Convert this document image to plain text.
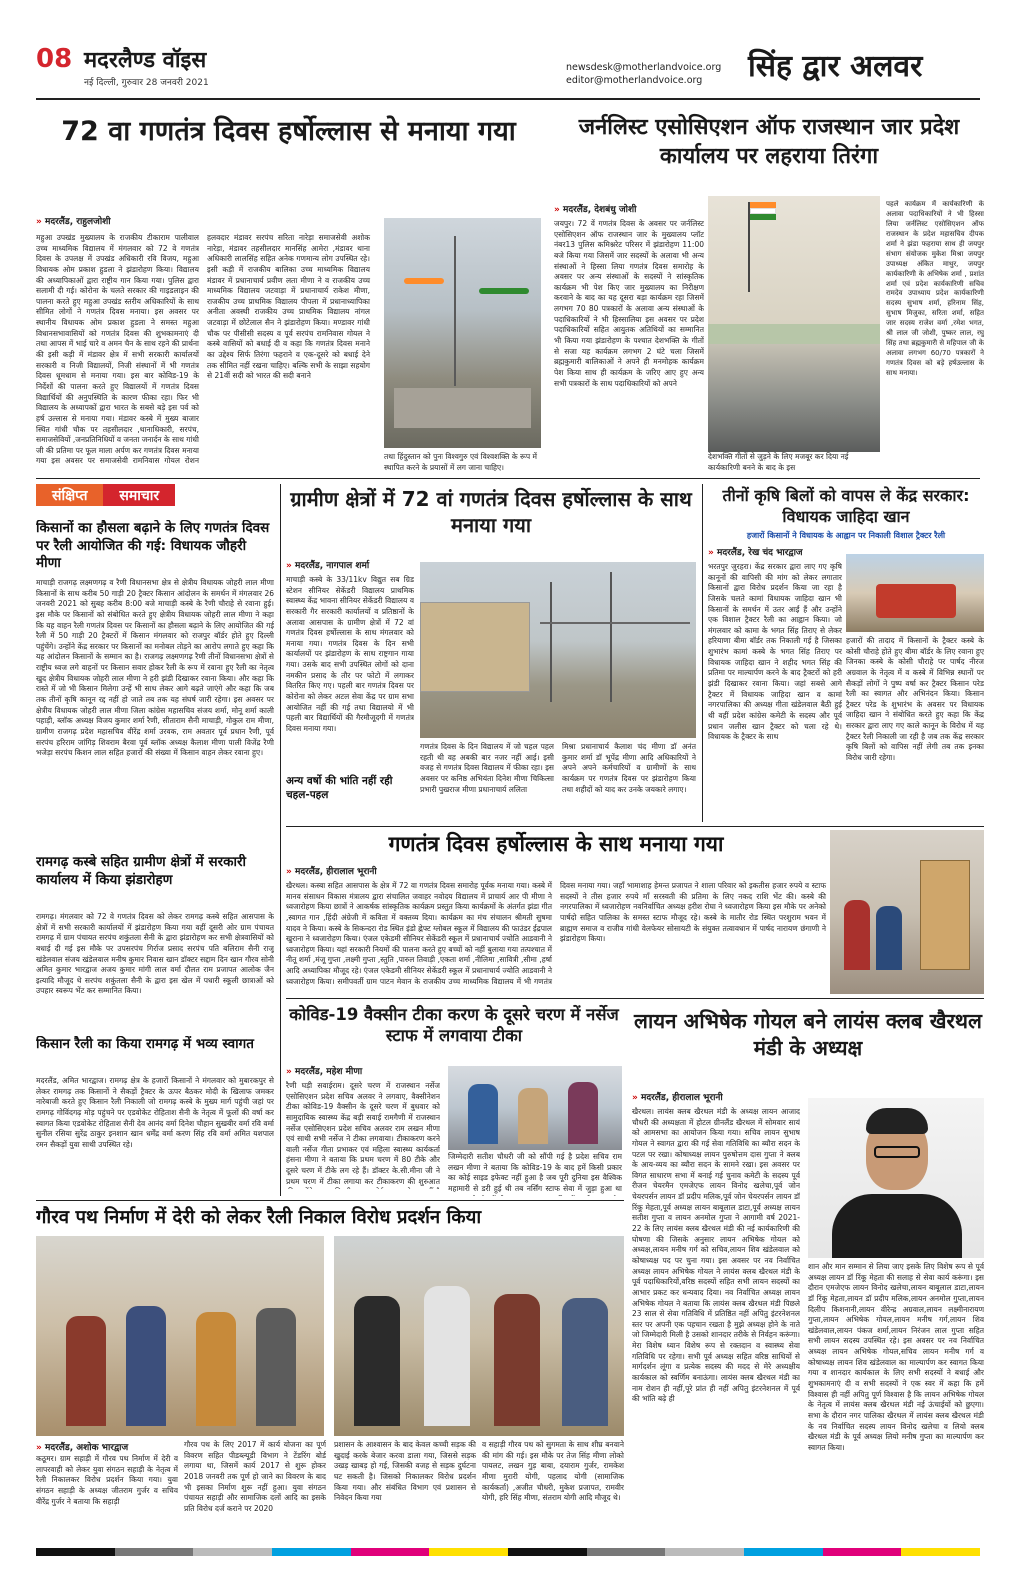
08 मदरलैण्ड वॉइस
नई दिल्ली, गुरुवार 28 जनवरी 2021
newsdesk@motherlandvoice.org
editor@motherlandvoice.org सिंह द्वार अलवर
72 वा गणतंत्र दिवस हर्षोल्लास से मनाया गया
» मदरलैंड, राहुलजोशी
महुआ उपखंड मुख्यालय के राजकीय टीकाराम पालीवाल उच्च माध्यमिक विद्यालय में मंगलवार को 72 वे गणतंत्र दिवस के उपलक्ष में उपखंड अधिकारी रवि विजय, महुआ विधायक ओम प्रकाश हुडला ने झंडारोहण किया। विद्यालय की अध्यापिकाओं द्वारा राष्ट्रीय गान किया गया। पुलिस द्वारा सलामी दी गई। कोरोना के चलते सरकार की गाइडलाइन की पालना करते हुए महुआ उपखंड स्तरीय अधिकारियों के साथ सीमित लोगों ने गणतंत्र दिवस मनाया। इस अवसर पर स्थानीय विधायक ओम प्रकाश हुडला ने समस्त महुआ विधानसभावासियों को गणतंत्र दिवस की शुभकामनाएं दी तथा आपस में भाई चारे व अमन चैन के साथ रहने की प्रार्थना की इसी कड़ी में मंडावर क्षेत्र में सभी सरकारी कार्यालयों सरकारी व निजी विद्यालयों, निजी संस्थानों में भी गणतंत्र दिवस धूमधाम से मनाया गया। इस बार कोविड-19 के निर्देशों की पालना करते हुए विद्यालयों में गणतंत्र दिवस विद्यार्थियों की अनुपस्थिति के कारण फीका रहा। फिर भी विद्यालय के अध्यापकों द्वारा भारत के सबसे बड़े इस पर्व को हर्ष उल्लास से मनाया गया। मंडावर कस्बे में मुख्य बाजार स्थित गांधी चौक पर तहसीलदार ,थानाधिकारी, सरपंच, समाजसेवियों ,जनप्रतिनिधियों व जनता जनार्दन के साथ गांधी जी की प्रतिमा पर फूल माला अर्पण कर गणतंत्र दिवस मनाया गया इस अवसर पर समाजसेवी रामनिवास गोयल रोशन हलवदार मंडावर सरपंच सरिता नारेड़ा समाजसेवी अशोक नारेड़ा, मंडावर तहसीलदार मानसिंह आमेरा ,मंडावर थाना अधिकारी लालसिंह सहित अनेक गणमान्य लोग उपस्थित रहे। इसी कड़ी में राजकीय बालिका उच्च माध्यमिक विद्यालय मंडावर में प्रधानाचार्य प्रवीण लता मीणा ने व राजकीय उच्च माध्यमिक विद्यालय जटवाड़ा में प्रधानाचार्य राकेश मीणा, राजकीय उच्च प्राथमिक विद्यालय पीपला में प्रधानाध्यापिका अनीता अवस्थी राजकीय उच्च प्राथमिक विद्यालय नांगल जटवाड़ा में छोटेलाल सैन ने झंडारोहण किया। मण्डावर गांधी चौक पर पीसीसी सदस्य व पूर्व सरपंच रामनिवास गोयल ने कस्बे वासियों को बधाई दी व कहा कि गणतंत्र दिवस मनाने का उद्देश्य सिर्फ तिरंगा फहराने व एक-दूसरे को बधाई देने तक सीमित नहीं रखना चाहिए। बल्कि सभी के साझा सहयोग से 21वीं सदी को भारत की सदी बनाने
तथा हिंदुस्तान को पुनः विश्वगुरु एवं विश्वशक्ति के रूप में स्थापित करने के प्रयासों में लग जाना चाहिए।
जर्नलिस्ट एसोसिएशन ऑफ राजस्थान जार प्रदेश कार्यालय पर लहराया तिरंगा
» मदरलैंड, देशबंधु जोशी
जयपुर। 72 वें गणतंत्र दिवस के अवसर पर जर्नलिस्ट एसोसिएशन ऑफ राजस्थान जार के मुख्यालय प्लॉट नंबर13 पुलिस कमिश्नरेट परिसर में झंडारोहण 11:00 बजे किया गया जिसमें जार सदस्यों के अलावा भी अन्य संस्थाओं ने हिस्सा लिया गणतंत्र दिवस समारोह के अवसर पर अन्य संस्थाओं के सदस्यों ने सांस्कृतिक कार्यक्रम भी पेश किए जार मुख्यालय का निरीक्षण करवाने के बाद का यह दूसरा बड़ा कार्यक्रम रहा जिसमें लगभग 70 80 पत्रकारों के अलावा अन्य संस्थाओं के पदाधिकारियों ने भी हिस्सालिया इस अवसर पर प्रदेश पदाधिकारियों सहित आयुतक अतिथियों का सम्मानित भी किया गया झंडारोहण के पश्चात देशभक्ति के गीतों से सजा यह कार्यक्रम लगभग 2 घंटे चला जिसमें ब्रह्मकुमारी बालिकाओं ने अपने ही मनमोहक कार्यक्रम पेश किया साथ ही कार्यक्रम के जरिए आए हुए अन्य सभी पत्रकारों के साथ पदाधिकारियों को अपने
देशभक्ति गीतों से जुड़ने के लिए मजबूर कर दिया नई कार्यकारिणी बनने के बाद के इस
पहले कार्यक्रम में कार्यकारिणी के अलावा पदाधिकारियों ने भी हिस्सा लिया जर्नलिस्ट एसोसिएशन ऑफ राजस्थान के प्रदेश महासचिव दीपक शर्मा ने झंडा फहराया साथ ही जयपुर संभाग संयोजक मुकेश मिश्रा जयपुर उपाध्यक्ष अंकित माथुर, जयपुर कार्यकारिणी के अभिषेक शर्मा , प्रशांत शर्मा एवं प्रदेश कार्यकारिणी सचिव रामदेव उपाध्याय प्रदेश कार्यकारिणी सदस्य सुभाष शर्मा, हरिनाम सिंह, सुभाष मिजुका, सरिता शर्मा, सहित जार सदस्य राजेश वर्मा ,रमेश भगत, श्री लाल जी जोशी, पुष्कर लाल, रघु सिंह तथा ब्रह्मकुमारी से महिपाल जी के अलावा लगभग 60/70 पत्रकारों ने गणतंत्र दिवस को बड़े हर्षउल्लास के साथ मनाया।
संक्षिप्त	समाचार
किसानों का हौसला बढ़ाने के लिए गणतंत्र दिवस पर रैली आयोजित की गई: विधायक जौहरी मीणा
माचाड़ी राजगढ़ लक्ष्मणगढ़ व रैणी विधानसभा क्षेत्र से क्षेत्रीय विधायक जोहरी लाल मीणा किसानों के साथ करीब 50 गाड़ी 20 ट्रैक्टर किसान आंदोलन के समर्थन में मंगलवार 26 जनवरी 2021 को सुबह करीब 8:00 बजे माचाड़ी कस्बे के रैणी चौराहे से रवाना हुई। इस मौके पर किसानों को संबोधित करते हुए क्षेत्रीय विधायक जोहरी लाल मीणा ने कहा कि यह वाहन रैली गणतंत्र दिवस पर किसानों का हौसला बढ़ाने के लिए आयोजित की गई रैली में 50 गाड़ी 20 ट्रैक्टरों में किसान मंगलवार को राजपुर बॉर्डर होते हुए दिल्ली पहुंचेंगे। उन्होंने केंद्र सरकार पर किसानों का मनोबल तोड़ने का आरोप लगाते हुए कहा कि यह आंदोलन किसानों के सम्मान का है। राजगढ़ लक्ष्मणगढ़ रैणी तीनों विधानसभा क्षेत्रों से राष्ट्रीय ध्वज लगे वाहनों पर किसान सवार होकर रैली के रूप में रवाना हुए रैली का नेतृत्व खुद क्षेत्रीय विधायक जोहरी लाल मीणा ने हरी झंडी दिखाकर रवाना किया। और कहा कि रास्ते में जो भी किसान मिलेगा उन्हें भी साथ लेकर आगे बढ़ते जाएंगे और कहा कि जब तक तीनों कृषि कानून रद्द नहीं हो जाते तब तक यह संघर्ष जारी रहेगा। इस अवसर पर क्षेत्रीय विधायक जोहरी लाल मीणा जिला कांग्रेस महासचिव संजय शर्मा, मोनू शर्मा काली पहाड़ी, ब्लॉक अध्यक्ष विजय कुमार शर्मा रैणी, सीताराम सैनी माचाड़ी, गोकुल राम मीणा, ग्रामीण राजगढ़ प्रदेश महासचिव वीरेंद्र शर्मा उरवक, राम अवतार पूर्व प्रधान रैणी, पूर्व सरपंच हरिराम जांगिड़ शिवराम बैरवा पूर्व ब्लॉक अध्यक्ष कैलाश मीणा पाली विजेंद्र रैणी भजेड़ा सरपंच किशन लाल सहित हजारों की संख्या में किसान वाहन लेकर रवाना हुए।
रामगढ़ कस्बे सहित ग्रामीण क्षेत्रों में सरकारी कार्यालय में किया झंडारोहण
रामगढ़। मंगलवार को 72 वे गणतंत्र दिवस को लेकर रामगढ़ कस्बे सहित आसपास के क्षेत्रों में सभी सरकारी कार्यालयों में झंडारोहण किया गया वहीं दूसरी ओर ग्राम पंचायत रामगढ़ में ग्राम पंचायत सरपंच शकुंतला सैनी के द्वारा झंडारोहण कर सभी क्षेत्रवासियों को बधाई दी गई इस मौके पर उपसरपंच गिर्राज प्रसाद सरपंच पति बलिराम सैनी राजू खंडेलवाल संजय खंडेलवाल मनीष कुमार निवास खान डॉक्टर सद्दाम दिन खान गौरव सोनी अमित कुमार भारद्वाज अजय कुमार मांगी लाल वर्मा दौलत राम प्रजापत आलोक जैन इत्यादि मौजूद थे सरपंच शकुंतला सैनी के द्वारा इस खेल में पधारी स्कूली छात्राओं को उपहार स्वरूप भेंट कर सम्मानित किया।
किसान रैली का किया रामगढ़ में भव्य स्वागत
मदरलैंड, अमित भारद्वाज। रामगढ़ क्षेत्र के हजारों किसानों ने मंगलवार को मुबारकपुर से लेकर रामगढ़ तक किसानों ने सैकड़ों ट्रैक्टर के ऊपर बैठकर मोदी के खिलाफ जमकर नारेबाजी करते हुए किसान रैली निकाली जो रामगढ़ कस्बे के मुख्य मार्ग पहुंची जहां पर रामगढ़ गोविंदगढ़ मोड़ पहुंचने पर एडवोकेट रोहिताश सैनी के नेतृत्व में फूलों की वर्षा कर स्वागत किया एडवोकेट रोहिताश सैनी देव आनंद वर्मा दिनेश चौहान सुखबीर वर्मा रवि वर्मा सुनील रसिया सुरेंद्र ठाकुर इनशान खान धर्मेंद्र वर्मा करण सिंह रवि वर्मा अमित यशपाल रमन सैकड़ों युवा साथी उपस्थित रहे।
ग्रामीण क्षेत्रों में 72 वां गणतंत्र दिवस हर्षोल्लास के साथ मनाया गया
» मदरलैंड, नागपाल शर्मा
माचाड़ी कस्बे के 33/11kv विद्युत सब ग्रिड स्टेशन सीनियर सेकेंडरी विद्यालय प्राथमिक स्वास्थ्य केंद्र भावना सीनियर सेकेंडरी विद्यालय व सरकारी गैर सरकारी कार्यालयों व प्रतिष्ठानों के अलावा आसपास के ग्रामीण क्षेत्रों में 72 वां गणतंत्र दिवस हर्षोल्लास के साथ मंगलवार को मनाया गया। गणतंत्र दिवस के दिन सभी कार्यालयों पर झंडारोहण के साथ राष्ट्रगान गाया गया। उसके बाद सभी उपस्थित लोगों को दाना नमकीन प्रसाद के तौर पर फोटो में लगाकर वितरित किए गए। पहली बार गणतंत्र दिवस पर कोरोना को लेकर अटल सेवा केंद्र पर ग्राम सभा आयोजित नहीं की गई तथा विद्यालयो में भी पहली बार विद्यार्थियों की गैरमौजूदगी में गणतंत्र दिवस मनाया गया।
अन्य वर्षो की भांति नहीं रही चहल-पहल
गणतंत्र दिवस के दिन विद्यालय में जो चहल पहल रहती थी वह अबकी बार नजर नहीं आई। इसी वजह से गणतंत्र दिवस विद्यालय में फीका रहा। इस अवसर पर कनिष्ठ अभियंता दिनेश मीणा चिकित्सा प्रभारी पुखराज मीणा प्रधानाचार्य ललिता
मिश्रा प्रधानाचार्य कैलाश चंद मीणा डॉ अनंत कुमार शर्मा डॉ भूपेंद्र मीणा आदि अधिकारियों ने अपने अपने कर्मचारियों व ग्रामीणों के साथ कार्यक्रम पर गणतंत्र दिवस पर झंडारोहण किया तथा शहीदों को याद कर उनके जयकारे लगाए।
तीनों कृषि बिलों को वापस ले केंद्र सरकार: विधायक जाहिदा खान
हजारों किसानों ने विधायक के आह्वान पर निकाली विशाल ट्रैक्टर रैली
» मदरलैंड, रेख चंद भारद्वाज
भरतपुर जुरहरा। केंद्र सरकार द्वारा लाए गए कृषि कानूनों की वापिसी की मांग को लेकर लगातार किसानों द्वारा विरोध प्रदर्शन किया जा रहा है जिसके चलते कामां विधायक जाहिदा खान भी किसानों के समर्थन में उतर आईं हैं और उन्होंने एक विशाल ट्रैक्टर रैली का आह्वान किया। जो मंगलवार को कामा के भगत सिंह तिराए से लेकर हरियाणा बीमा बॉर्डर तक निकाली गई है जिसका शुभारंभ कामां कस्बे के भगत सिंह तिराए पर विधायक जाहिदा खान ने शहीद भगत सिंह की प्रतिमा पर माल्यार्पण करने के बाद ट्रैक्टरों को हरी झंडी दिखाकर रवाना किया। जहां सबसे आगे ट्रैक्टर में विधायक जाहिदा खान व कामां नगरपालिका की अध्यक्ष गीता खंडेलवाल बैठी हुई थी वहीं प्रदेश कांग्रेस कमेटी के सदस्य और पूर्व प्रधान जलीस खान ट्रैक्टर को चला रहे थे। विधायक के ट्रैक्टर के साथ
हजारों की तादाद में किसानों के ट्रैक्टर कस्बे के कोसी चौराहे होते हुए बीमा बॉर्डर के लिए रवाना हुए जिनका कस्बे के कोसी चौराहे पर पार्षद नीरज अग्रवाल के नेतृत्व में व कस्बे में विभिन्न स्थानों पर सैकड़ों लोगों ने पुष्प वर्षा कर ट्रैक्टर किसान परेड रैली का स्वागत और अभिनंदन किया। किसान ट्रैक्टर परेड के शुभारंभ के अवसर पर विधायक जाहिदा खान ने संबोधित करते हुए कहा कि केंद्र सरकार द्वारा लाए गए काले कानून के विरोध में यह ट्रैक्टर रैली निकाली जा रही है जब तक केंद्र सरकार कृषि बिलों को वापिस नहीं लेगी तब तक इनका विरोध जारी रहेगा।
गणतंत्र दिवस हर्षोल्लास के साथ मनाया गया
» मदरलैंड, हीरालाल भूरानी
खैरथल। कस्बा सहित आसपास के क्षेत्र में 72 वा गणतंत्र दिवस समारोह पूर्वक मनाया गया। कस्बे में मानव संसाधन विकास मंत्रालय द्वारा संचालित जवाहर नवोदय विद्यालय में प्राचार्य आर पी मीणा ने ध्वजारोहण किया छात्रों ने आकर्षक सांस्कृतिक कार्यक्रम प्रस्तुत किया कार्यक्रमों के अंतर्गत झंडा गीत ,स्वागत गान ,हिंदी अंग्रेजी में कविता में वक्तव्य दिया। कार्यक्रम का मंच संचालन श्रीमती सुषमा यादव ने किया। कस्बे के सिकन्दरा रोड स्थित इंडो ह्नेफ्ट ग्लोबल स्कूल में विद्यालय की फाउंडर ईद्रपाल खुराना ने ध्वजारोहण किया। एंजल एकेडमी सीनियर सेकेंडरी स्कूल में प्रधानाचार्य ज्योति आडवानी ने ध्वजारोहण किया। यहां सरकारी नियमों की पालना करते हुए बच्चों को नहीं बुलाया गया तत्पश्चात में नीतू शर्मा ,मंजू गुप्ता ,लक्ष्मी गुप्ता ,स्तुति ,पारुल तिवाड़ी ,एकता शर्मा ,नीलिमा ,सावित्री ,सीमा ,हर्षा आदि अध्यापिका मौजूद रहे। एंजल एकेडमी सीनियर सेकेंडरी स्कूल में प्रधानाचार्य ज्योति आडवानी ने ध्वजारोहण किया। समीपवर्ती ग्राम पाटन मेवान के राजकीय उच्च माध्यमिक विद्यालय में भी गणतंत्र दिवस मनाया गया। जहाँ भामाशाह हेमन्त प्रजापत ने शाला परिवार को इकतीस हजार रुपये व स्टाफ सदस्यों ने तीस हजार रुपये माँ सरस्वती की प्रतिमा के लिए नकद राशि भेंट की। कस्बे की नगरपालिका में ध्वजारोहण नवनिर्वाचित अध्यक्ष हरीश रोघा ने ध्वजारोहण किया इस मौके पर अनेको पार्षदो सहित पालिका के समस्त स्टाफ मौजूद रहे। कस्बे के मातौर रोड स्थित परशुराम भवन में ब्राह्मण समाज व राजीव गांधी वेलफेयर सोसायटी के संयुक्त तत्वावधान में पार्षद नारायण छंगाणी ने झंडारोहण किया।
कोविड-19 वैक्सीन टीका करण के दूसरे चरण में नर्सेज स्टाफ में लगवाया टीका
» मदरलैंड, महेश मीणा
रैणी घड़ी सवाईराम। दूसरे चरण में राजस्थान नर्सेज एसोसिएशन प्रदेश सचिव अलवर ने लगवाए, वैक्सीनेशन टीका कोविड-19 वैक्सीन के दूसरे चरण में बुधवार को सामुदायिक स्वास्थ्य केंद्र बड़ी सवाई रामगैणी में राजस्थान नर्सेज एसोसिएशन प्रदेश सचिव अलवर राम लखन मीणा एवं साथी सभी नर्सेज ने टीका लगवाया। टीकाकरण करने वाली नर्सेज गीता प्रभाकर एवं महिला स्वास्थ्य कार्यकर्ता हंसना मीणा ने बताया कि प्रथम चरण में 80 टीके और दूसरे चरण में टीके लग रहे हैं। डॉक्टर के.सी.मीना जी ने प्रथम चरण में टीका लगाया कर टीकाकरण की शुरुआत
जिम्मेदारी सतीश चौधरी जी को सौंपी गई है प्रदेश सचिव राम लखन मीणा ने बताया कि कोविड-19 के बाद हमें किसी प्रकार का कोई साइड इफेक्ट नहीं हुआ है जब पूरी दुनिया इस वैश्विक महामारी से डरी हुई थी तब नर्सिंग स्टाफ सेवा में जुड़ा हुआ था
लायन अभिषेक गोयल बने लायंस क्लब खैरथल मंडी के अध्यक्ष
» मदरलैंड, हीरालाल भूरानी
खैरथल। लायंस क्लब खैरथल मंडी के अध्यक्ष लायन आजाद चौधरी की अध्यक्षता में होटल ग्रीनलैंड खैरथल में सोमवार सायं को आमसभा का आयोजन किया गया। सचिव लायन सुभाष गोयल ने स्वागत द्वारा की गई सेवा गतिविधि का ब्यौरा सदन के पटल पर रखा। कोषाध्यक्ष लायन पुरुषोत्तम दास गुप्ता ने क्लब के आय-व्यय का ब्यौरा सदन के सामने रखा। इस अवसर पर विगत साधारण सभा में बनाई गई चुनाव कमेटी के सदस्य पूर्व रीजन चेयरमैन एमजेएफ लायन विनोद खलेचा,पूर्व जोन चेयरपर्सन लायन डॉ प्रदीप मलिक,पूर्व जोन चेयरपर्सन लायन डॉ रिंकू मेहता,पूर्व अध्यक्ष लायन बाबूलाल डाटा,पूर्व अध्यक्ष लायन सतीश गुप्ता व लायन अनमोल गुप्ता ने आगामी वर्ष 2021-22 के लिए लायंस क्लब खैरथल मंडी की नई कार्यकारिणी की घोषणा की जिसके अनुसार लायन अभिषेक गोयल को अध्यक्ष,लायन मनीष गर्ग को सचिव,लायन शिव खंडेलवाल को कोषाध्यक्ष पद पर चुना गया। इस अवसर पर नव निर्वाचित अध्यक्ष लायन अभिषेक गोयल ने लायंस क्लब खैरथल मंडी के पूर्व पदाधिकारियों,वरिष्ठ सदस्यों सहित सभी लायन सदस्यों का आभार प्रकट कर धन्यवाद दिया। नव निर्वाचित अध्यक्ष लायन अभिषेक गोयल ने बताया कि लायंस क्लब खैरथल मंडी पिछले 23 साल से सेवा गतिविधि में प्रतिष्ठित नहीं अपितु इंटरनेशनल स्तर पर अपनी एक पहचान रखता है मुझे अध्यक्ष होने के नाते जो जिम्मेदारी मिली है उसको शानदार तरीके से निर्वहन करूंगा। मेरा विशेष ध्यान विशेष रूप से रक्तदान व स्वास्थ्य सेवा गतिविधि पर रहेगा। सभी पूर्व अध्यक्ष सहित वरिष्ठ साथियों से मार्गदर्शन लूंगा व प्रत्येक सदस्य की मदद से मेरे अध्यक्षीय कार्यकाल को स्वर्णिम बनाऊंगा। लायंस क्लब खैरथल मंडी का नाम रोशन ही नहीं,पूरे प्रांत ही नहीं अपितु इंटरनेशनल में पूर्व की भांति बढ़े ही
शान और मान सम्मान से लिया जाए इसके लिए विशेष रूप से पूर्व अध्यक्ष लायन डॉ रिंकू मेहता की सलाह से सेवा कार्य करूंगा। इस दौरान एमजेएफ लायन विनोद खलेचा,लायन बाबूलाल डाटा,लायन डॉ रिंकू मेहता,लायन डॉ प्रदीप मलिक,लायन अनमोल गुप्ता,लायन दिलीप किशनानी,लायन वीरेन्द्र अग्रवाल,लायन लक्ष्मीनारायण गुप्ता,लायन अभिषेक गोयल,लायन मनीष गर्ग,लायन शिव खंडेलवाल,लायन पंकज शर्मा,लायन निरंजन लाल गुप्ता सहित सभी लायन सदस्य उपस्थित रहे। इस अवसर पर नव निर्वाचित अध्यक्ष लायन अभिषेक गोयल,सचिव लायन मनीष गर्ग व कोषाध्यक्ष लायन शिव खंडेलवाल का माल्यार्पण कर स्वागत किया गया व शानदार कार्यकाल के लिए सभी सदस्यों ने बधाई और शुभकामनाएं दी व सभी सदस्यों ने एक स्वर में कहा कि हमें विश्वास ही नहीं अपितु पूर्ण विश्वास है कि लायन अभिषेक गोयल के नेतृत्व में लायंस क्लब खैरथल मंडी नई ऊंचाईयों को छुएगा। सभा के दौरान नगर पालिका खैरथल में लायंस क्लब खैरथल मंडी के नव निर्वाचित सदस्य लायन विनोद खलेचा व लियो क्लब खैरथल मंडी के पूर्व अध्यक्ष लियो मनीष गुप्ता का माल्यार्पण कर स्वागत किया।
गौरव पथ निर्माण में देरी को लेकर रैली निकाल विरोध प्रदर्शन किया
» मदरलैंड, अशोक भारद्वाज
कठूमर। ग्राम सहाड़ी में गौरव पथ निर्माण में देरी व लापरवाही को लेकर युवा संगठन सहाड़ी के नेतृत्व में रैली निकालकर विरोध प्रदर्शन किया गया। युवा संगठन सहाड़ी के अध्यक्ष जीतराम गुर्जर व सचिव वीरेंद्र गुर्जर ने बताया कि सहाड़ी
गौरव पथ के लिए 2017 में कार्य योजना का पूर्ण विवरण सहित पीडब्ल्यूडी विभाग ने टेंडरिंग बोर्ड लगाया था, जिसमें कार्य 2017 से शुरू होकर 2018 जनवरी तक पूर्ण हो जाने का विवरण के बाद भी इसका निर्माण शुरू नहीं हुआ। युवा संगठन पंचायत सहाड़ी और सामाजिक दलों आदि का इसके प्रति विरोध दर्ज कराने पर 2020
प्रशासन के आश्वासन के बाद केवल कच्ची सड़क की खुदाई करके बेजार करवा डाला गया, जिससे सड़क उखड़ खाबड़ हो गई, जिसकी वजह से सड़क दुर्घटना घट सकती है। जिसको निकालकर विरोध प्रदर्शन किया गया। और संबंधित विभाग एवं प्रशासन से निवेदन किया गया
व सहाड़ी गौरव पथ को सुगमता के साथ शीघ्र बनवाने की मांग की गई। इस मौके पर तेज सिंह मीणा लोको पायलट, लखन गुड़ बाबा, दयाराम गुर्जर, रामकेश मीणा मुरारी योगी, पहलाद योगी (सामाजिक कार्यकर्ता) ,अजीत चौधरी, मुकेश प्रजापत, रामवीर योगी, हरि सिंह मीणा, संतराम योगी आदि मौजूद थे।
